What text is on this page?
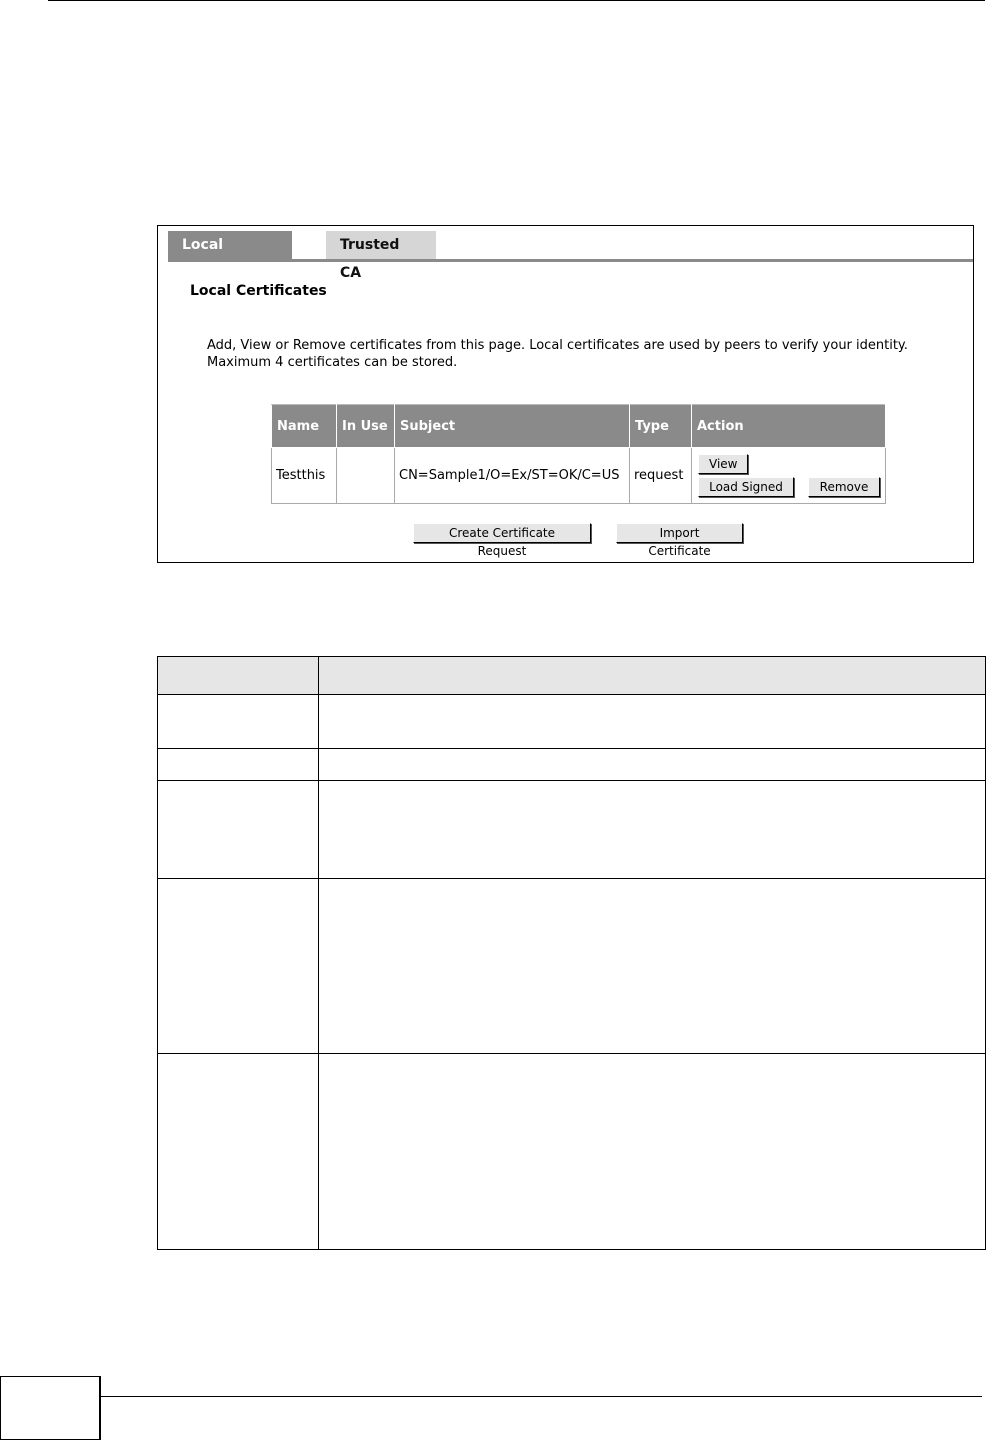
Local Certificates
Trusted CA
Local Certificates
Add, View or Remove certificates from this page. Local certificates are used by peers to verify your identity.
Maximum 4 certificates can be stored.
Name	In Use	Subject	Type	Action
Testthis		CN=Sample1/O=Ex/ST=OK/C=US	request	View
Load Signed Remove
Create Certificate Request
Import Certificate
